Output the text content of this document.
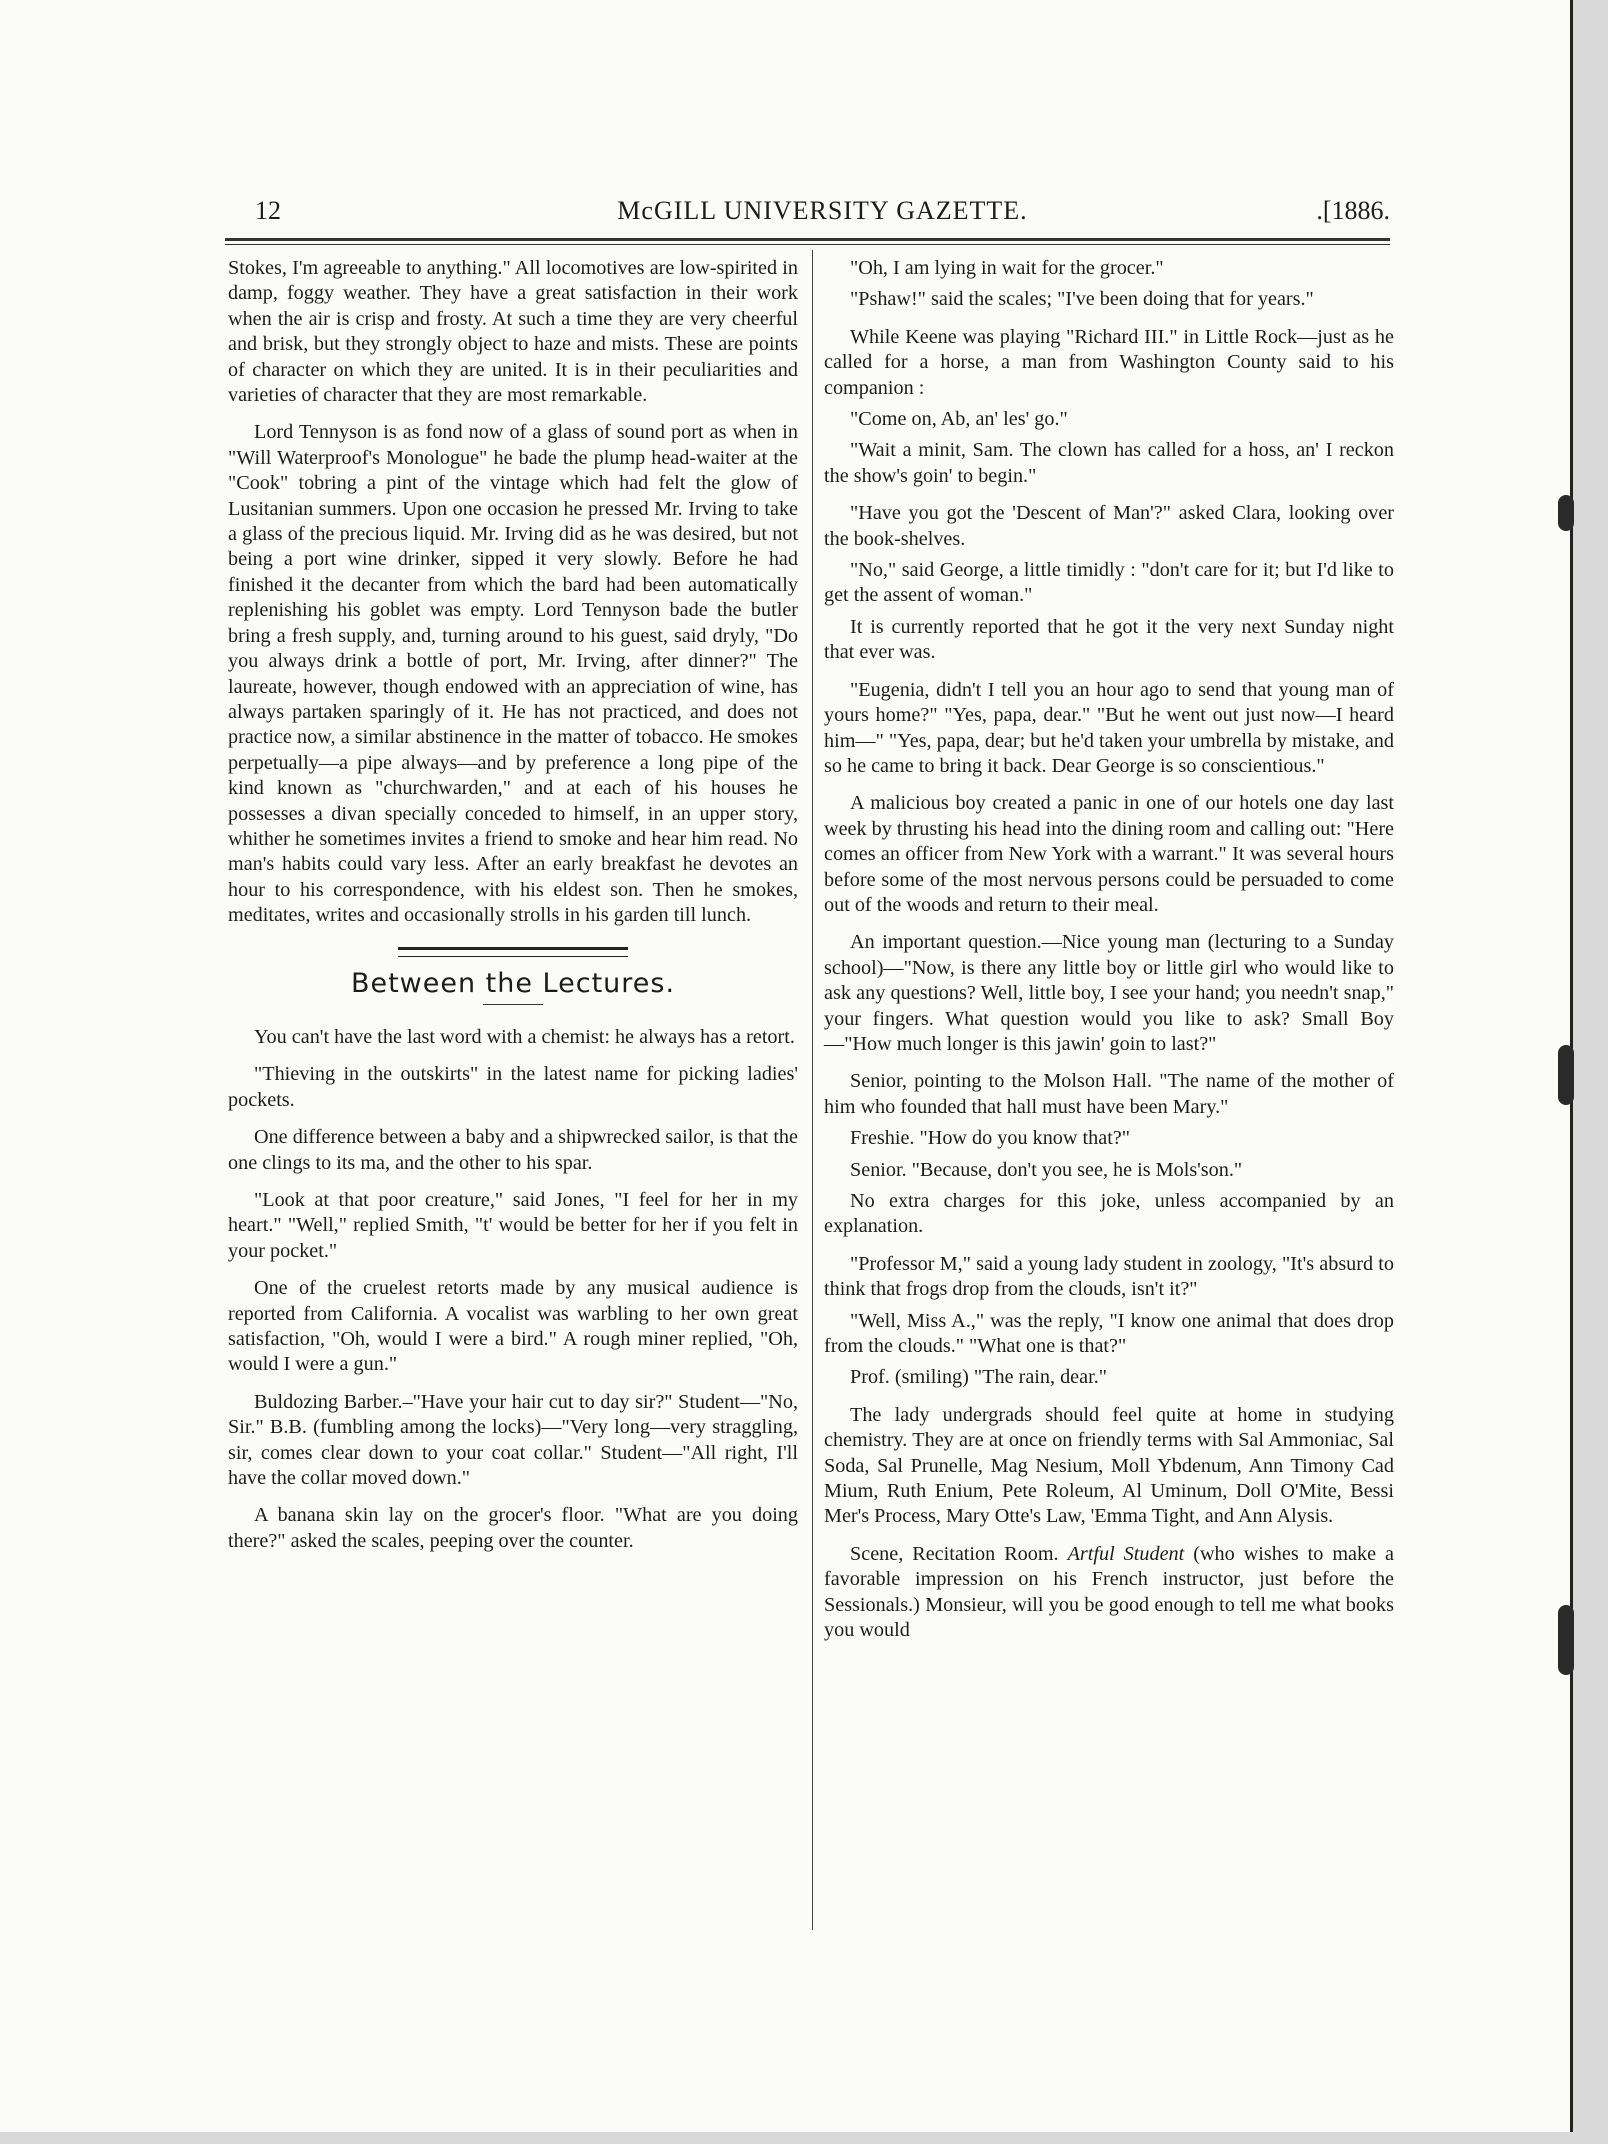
12	McGILL UNIVERSITY GAZETTE.	.[1886.

Stokes, I'm agreeable to anything." All locomotives are low-spirited in damp, foggy weather. They have a great satisfaction in their work when the air is crisp and frosty. At such a time they are very cheerful and brisk, but they strongly object to haze and mists. These are points of character on which they are united. It is in their peculiarities and varieties of character that they are most remarkable.

Lord Tennyson is as fond now of a glass of sound port as when in "Will Waterproof's Monologue" he bade the plump head-waiter at the "Cook" tobring a pint of the vintage which had felt the glow of Lusitanian summers. Upon one occasion he pressed Mr. Irving to take a glass of the precious liquid. Mr. Irving did as he was desired, but not being a port wine drinker, sipped it very slowly. Before he had finished it the decanter from which the bard had been automatically replenishing his goblet was empty. Lord Tennyson bade the butler bring a fresh supply, and, turning around to his guest, said dryly, "Do you always drink a bottle of port, Mr. Irving, after dinner?" The laureate, however, though endowed with an appreciation of wine, has always partaken sparingly of it. He has not practiced, and does not practice now, a similar abstinence in the matter of tobacco. He smokes perpetually—a pipe always—and by preference a long pipe of the kind known as "churchwarden," and at each of his houses he possesses a divan specially conceded to himself, in an upper story, whither he sometimes invites a friend to smoke and hear him read. No man's habits could vary less. After an early breakfast he devotes an hour to his correspondence, with his eldest son. Then he smokes, meditates, writes and occasionally strolls in his garden till lunch.

Between the Lectures.

You can't have the last word with a chemist: he always has a retort.

"Thieving in the outskirts" in the latest name for picking ladies' pockets.

One difference between a baby and a shipwrecked sailor, is that the one clings to its ma, and the other to his spar.

"Look at that poor creature," said Jones, "I feel for her in my heart." "Well," replied Smith, "t' would be better for her if you felt in your pocket."

One of the cruelest retorts made by any musical audience is reported from California. A vocalist was warbling to her own great satisfaction, "Oh, would I were a bird." A rough miner replied, "Oh, would I were a gun."

Buldozing Barber.–"Have your hair cut to day sir?" Student—"No, Sir." B.B. (fumbling among the locks)—"Very long—very straggling, sir, comes clear down to your coat collar." Student—"All right, I'll have the collar moved down."

A banana skin lay on the grocer's floor. "What are you doing there?" asked the scales, peeping over the counter.

"Oh, I am lying in wait for the grocer."

"Pshaw!" said the scales; "I've been doing that for years."

While Keene was playing "Richard III." in Little Rock—just as he called for a horse, a man from Washington County said to his companion :

"Come on, Ab, an' les' go."

"Wait a minit, Sam. The clown has called for a hoss, an' I reckon the show's goin' to begin."

"Have you got the 'Descent of Man'?" asked Clara, looking over the book-shelves.

"No," said George, a little timidly : "don't care for it; but I'd like to get the assent of woman."

It is currently reported that he got it the very next Sunday night that ever was.

"Eugenia, didn't I tell you an hour ago to send that young man of yours home?" "Yes, papa, dear." "But he went out just now—I heard him—" "Yes, papa, dear; but he'd taken your umbrella by mistake, and so he came to bring it back. Dear George is so conscientious."

A malicious boy created a panic in one of our hotels one day last week by thrusting his head into the dining room and calling out: "Here comes an officer from New York with a warrant." It was several hours before some of the most nervous persons could be persuaded to come out of the woods and return to their meal.

An important question.—Nice young man (lecturing to a Sunday school)—"Now, is there any little boy or little girl who would like to ask any questions? Well, little boy, I see your hand; you needn't snap," your fingers. What question would you like to ask? Small Boy—"How much longer is this jawin' goin to last?"

Senior, pointing to the Molson Hall. "The name of the mother of him who founded that hall must have been Mary."

Freshie. "How do you know that?"

Senior. "Because, don't you see, he is Mols'son."

No extra charges for this joke, unless accompanied by an explanation.

"Professor M," said a young lady student in zoology, "It's absurd to think that frogs drop from the clouds, isn't it?"

"Well, Miss A.," was the reply, "I know one animal that does drop from the clouds." "What one is that?"

Prof. (smiling) "The rain, dear."

The lady undergrads should feel quite at home in studying chemistry. They are at once on friendly terms with Sal Ammoniac, Sal Soda, Sal Prunelle, Mag Nesium, Moll Ybdenum, Ann Timony Cad Mium, Ruth Enium, Pete Roleum, Al Uminum, Doll O'Mite, Bessi Mer's Process, Mary Otte's Law, 'Emma Tight, and Ann Alysis.

Scene, Recitation Room. Artful Student (who wishes to make a favorable impression on his French instructor, just before the Sessionals.) Monsieur, will you be good enough to tell me what books you would
